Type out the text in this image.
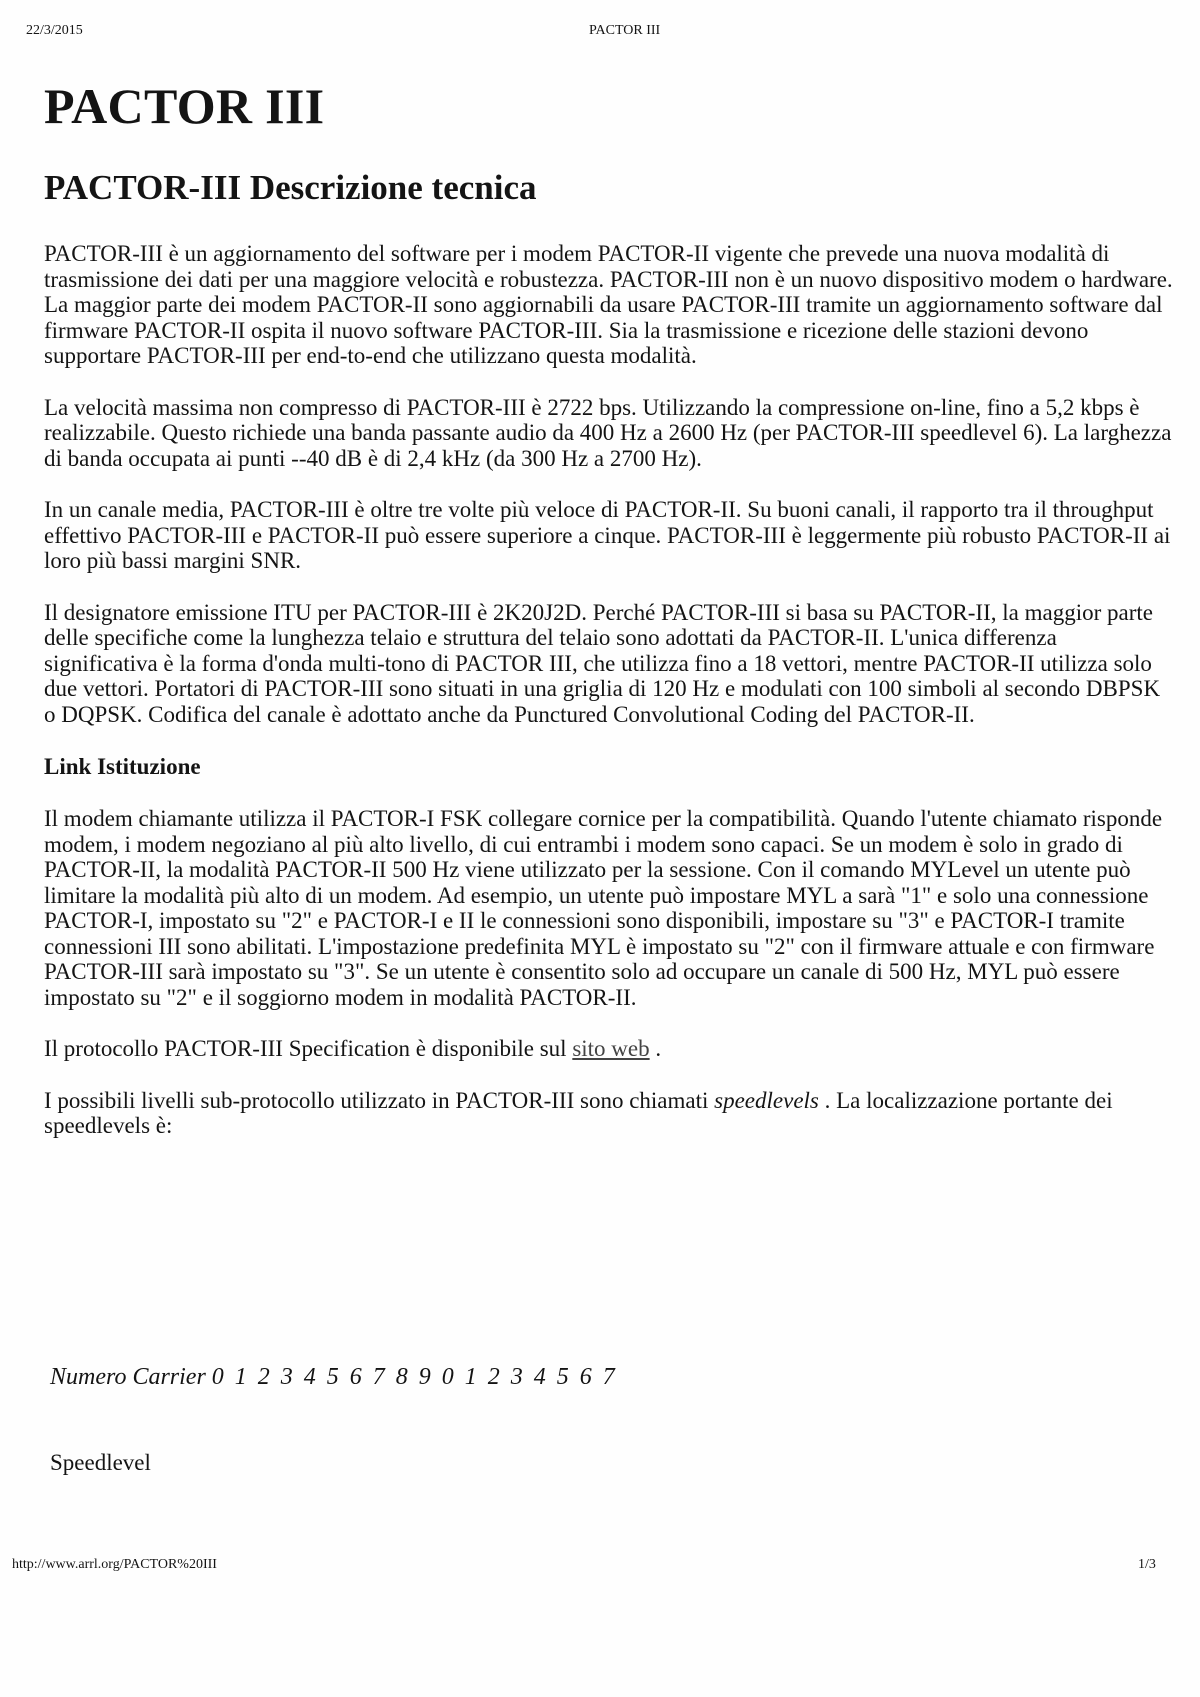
22/3/2015	PACTOR III
PACTOR III
PACTOR-III Descrizione tecnica

PACTOR-III è un aggiornamento del software per i modem PACTOR-II vigente che prevede una nuova modalità di trasmissione dei dati per una maggiore velocità e robustezza. PACTOR-III non è un nuovo dispositivo modem o hardware. La maggior parte dei modem PACTOR-II sono aggiornabili da usare PACTOR-III tramite un aggiornamento software dal firmware PACTOR-II ospita il nuovo software PACTOR-III. Sia la trasmissione e ricezione delle stazioni devono supportare PACTOR-III per end-to-end che utilizzano questa modalità.

La velocità massima non compresso di PACTOR-III è 2722 bps. Utilizzando la compressione on-line, fino a 5,2 kbps è realizzabile. Questo richiede una banda passante audio da 400 Hz a 2600 Hz (per PACTOR-III speedlevel 6). La larghezza di banda occupata ai punti --40 dB è di 2,4 kHz (da 300 Hz a 2700 Hz).

In un canale media, PACTOR-III è oltre tre volte più veloce di PACTOR-II. Su buoni canali, il rapporto tra il throughput effettivo PACTOR-III e PACTOR-II può essere superiore a cinque. PACTOR-III è leggermente più robusto PACTOR-II ai loro più bassi margini SNR.

Il designatore emissione ITU per PACTOR-III è 2K20J2D. Perché PACTOR-III si basa su PACTOR-II, la maggior parte delle specifiche come la lunghezza telaio e struttura del telaio sono adottati da PACTOR-II. L'unica differenza significativa è la forma d'onda multi-tono di PACTOR III, che utilizza fino a 18 vettori, mentre PACTOR-II utilizza solo due vettori. Portatori di PACTOR-III sono situati in una griglia di 120 Hz e modulati con 100 simboli al secondo DBPSK o DQPSK. Codifica del canale è adottato anche da Punctured Convolutional Coding del PACTOR-II.

Link Istituzione

Il modem chiamante utilizza il PACTOR-I FSK collegare cornice per la compatibilità. Quando l'utente chiamato risponde modem, i modem negoziano al più alto livello, di cui entrambi i modem sono capaci. Se un modem è solo in grado di PACTOR-II, la modalità PACTOR-II 500 Hz viene utilizzato per la sessione. Con il comando MYLevel un utente può limitare la modalità più alto di un modem. Ad esempio, un utente può impostare MYL a sarà "1" e solo una connessione PACTOR-I, impostato su "2" e PACTOR-I e II le connessioni sono disponibili, impostare su "3" e PACTOR-I tramite connessioni III sono abilitati. L'impostazione predefinita MYL è impostato su "2" con il firmware attuale e con firmware PACTOR-III sarà impostato su "3". Se un utente è consentito solo ad occupare un canale di 500 Hz, MYL può essere impostato su "2" e il soggiorno modem in modalità PACTOR-II.

Il protocollo PACTOR-III Specification è disponibile sul sito web .

I possibili livelli sub-protocollo utilizzato in PACTOR-III sono chiamati speedlevels . La localizzazione portante dei speedlevels è:

Numero Carrier 0 1 2 3 4 5 6 7 8 9 0 1 2 3 4 5 6 7
Speedlevel
http://www.arrl.org/PACTOR%20III	1/3
